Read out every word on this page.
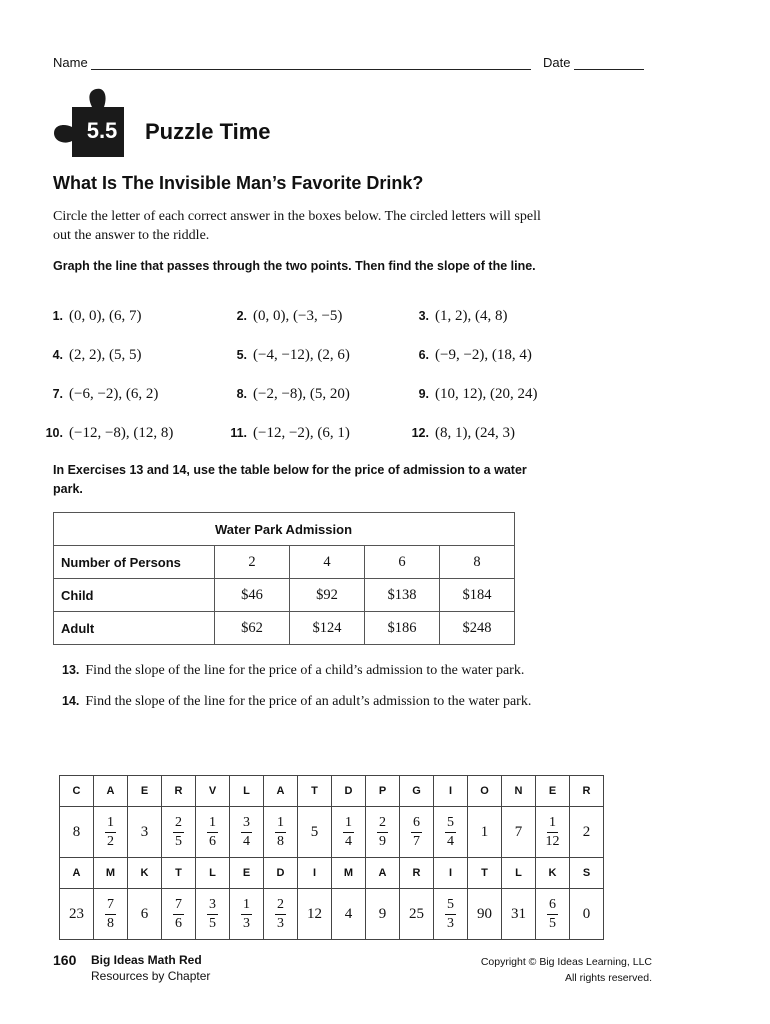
Name	Date
5.5	Puzzle Time
What Is The Invisible Man’s Favorite Drink?
Circle the letter of each correct answer in the boxes below. The circled letters will spell out the answer to the riddle.
Graph the line that passes through the two points. Then find the slope of the line.
1. (0, 0), (6, 7)	2. (0, 0), (−3, −5)	3. (1, 2), (4, 8)
4. (2, 2), (5, 5)	5. (−4, −12), (2, 6)	6. (−9, −2), (18, 4)
7. (−6, −2), (6, 2)	8. (−2, −8), (5, 20)	9. (10, 12), (20, 24)
10. (−12, −8), (12, 8)	11. (−12, −2), (6, 1)	12. (8, 1), (24, 3)
In Exercises 13 and 14, use the table below for the price of admission to a water park.
Water Park Admission				
Number of Persons	2	4	6	8
Child	$46	$92	$138	$184
Adult	$62	$124	$186	$248
13. Find the slope of the line for the price of a child’s admission to the water park.
14. Find the slope of the line for the price of an adult’s admission to the water park.
C	A	E	R	V	L	A	T	D	P	G	I	O	N	E	R
8	$\frac{1}{2}$	3	$\frac{2}{5}$	$\frac{1}{6}$	$\frac{3}{4}$	$\frac{1}{8}$	5	$\frac{1}{4}$	$\frac{2}{9}$	$\frac{6}{7}$	$\frac{5}{4}$	1	7	$\frac{1}{12}$	2
A	M	K	T	L	E	D	I	M	A	R	I	T	L	K	S
23	$\frac{7}{8}$	6	$\frac{7}{6}$	$\frac{3}{5}$	$\frac{1}{3}$	$\frac{2}{3}$	12	4	9	25	$\frac{5}{3}$	90	31	$\frac{6}{5}$	0
160 Big Ideas Math Red
Resources by Chapter
Copyright © Big Ideas Learning, LLC
All rights reserved.
